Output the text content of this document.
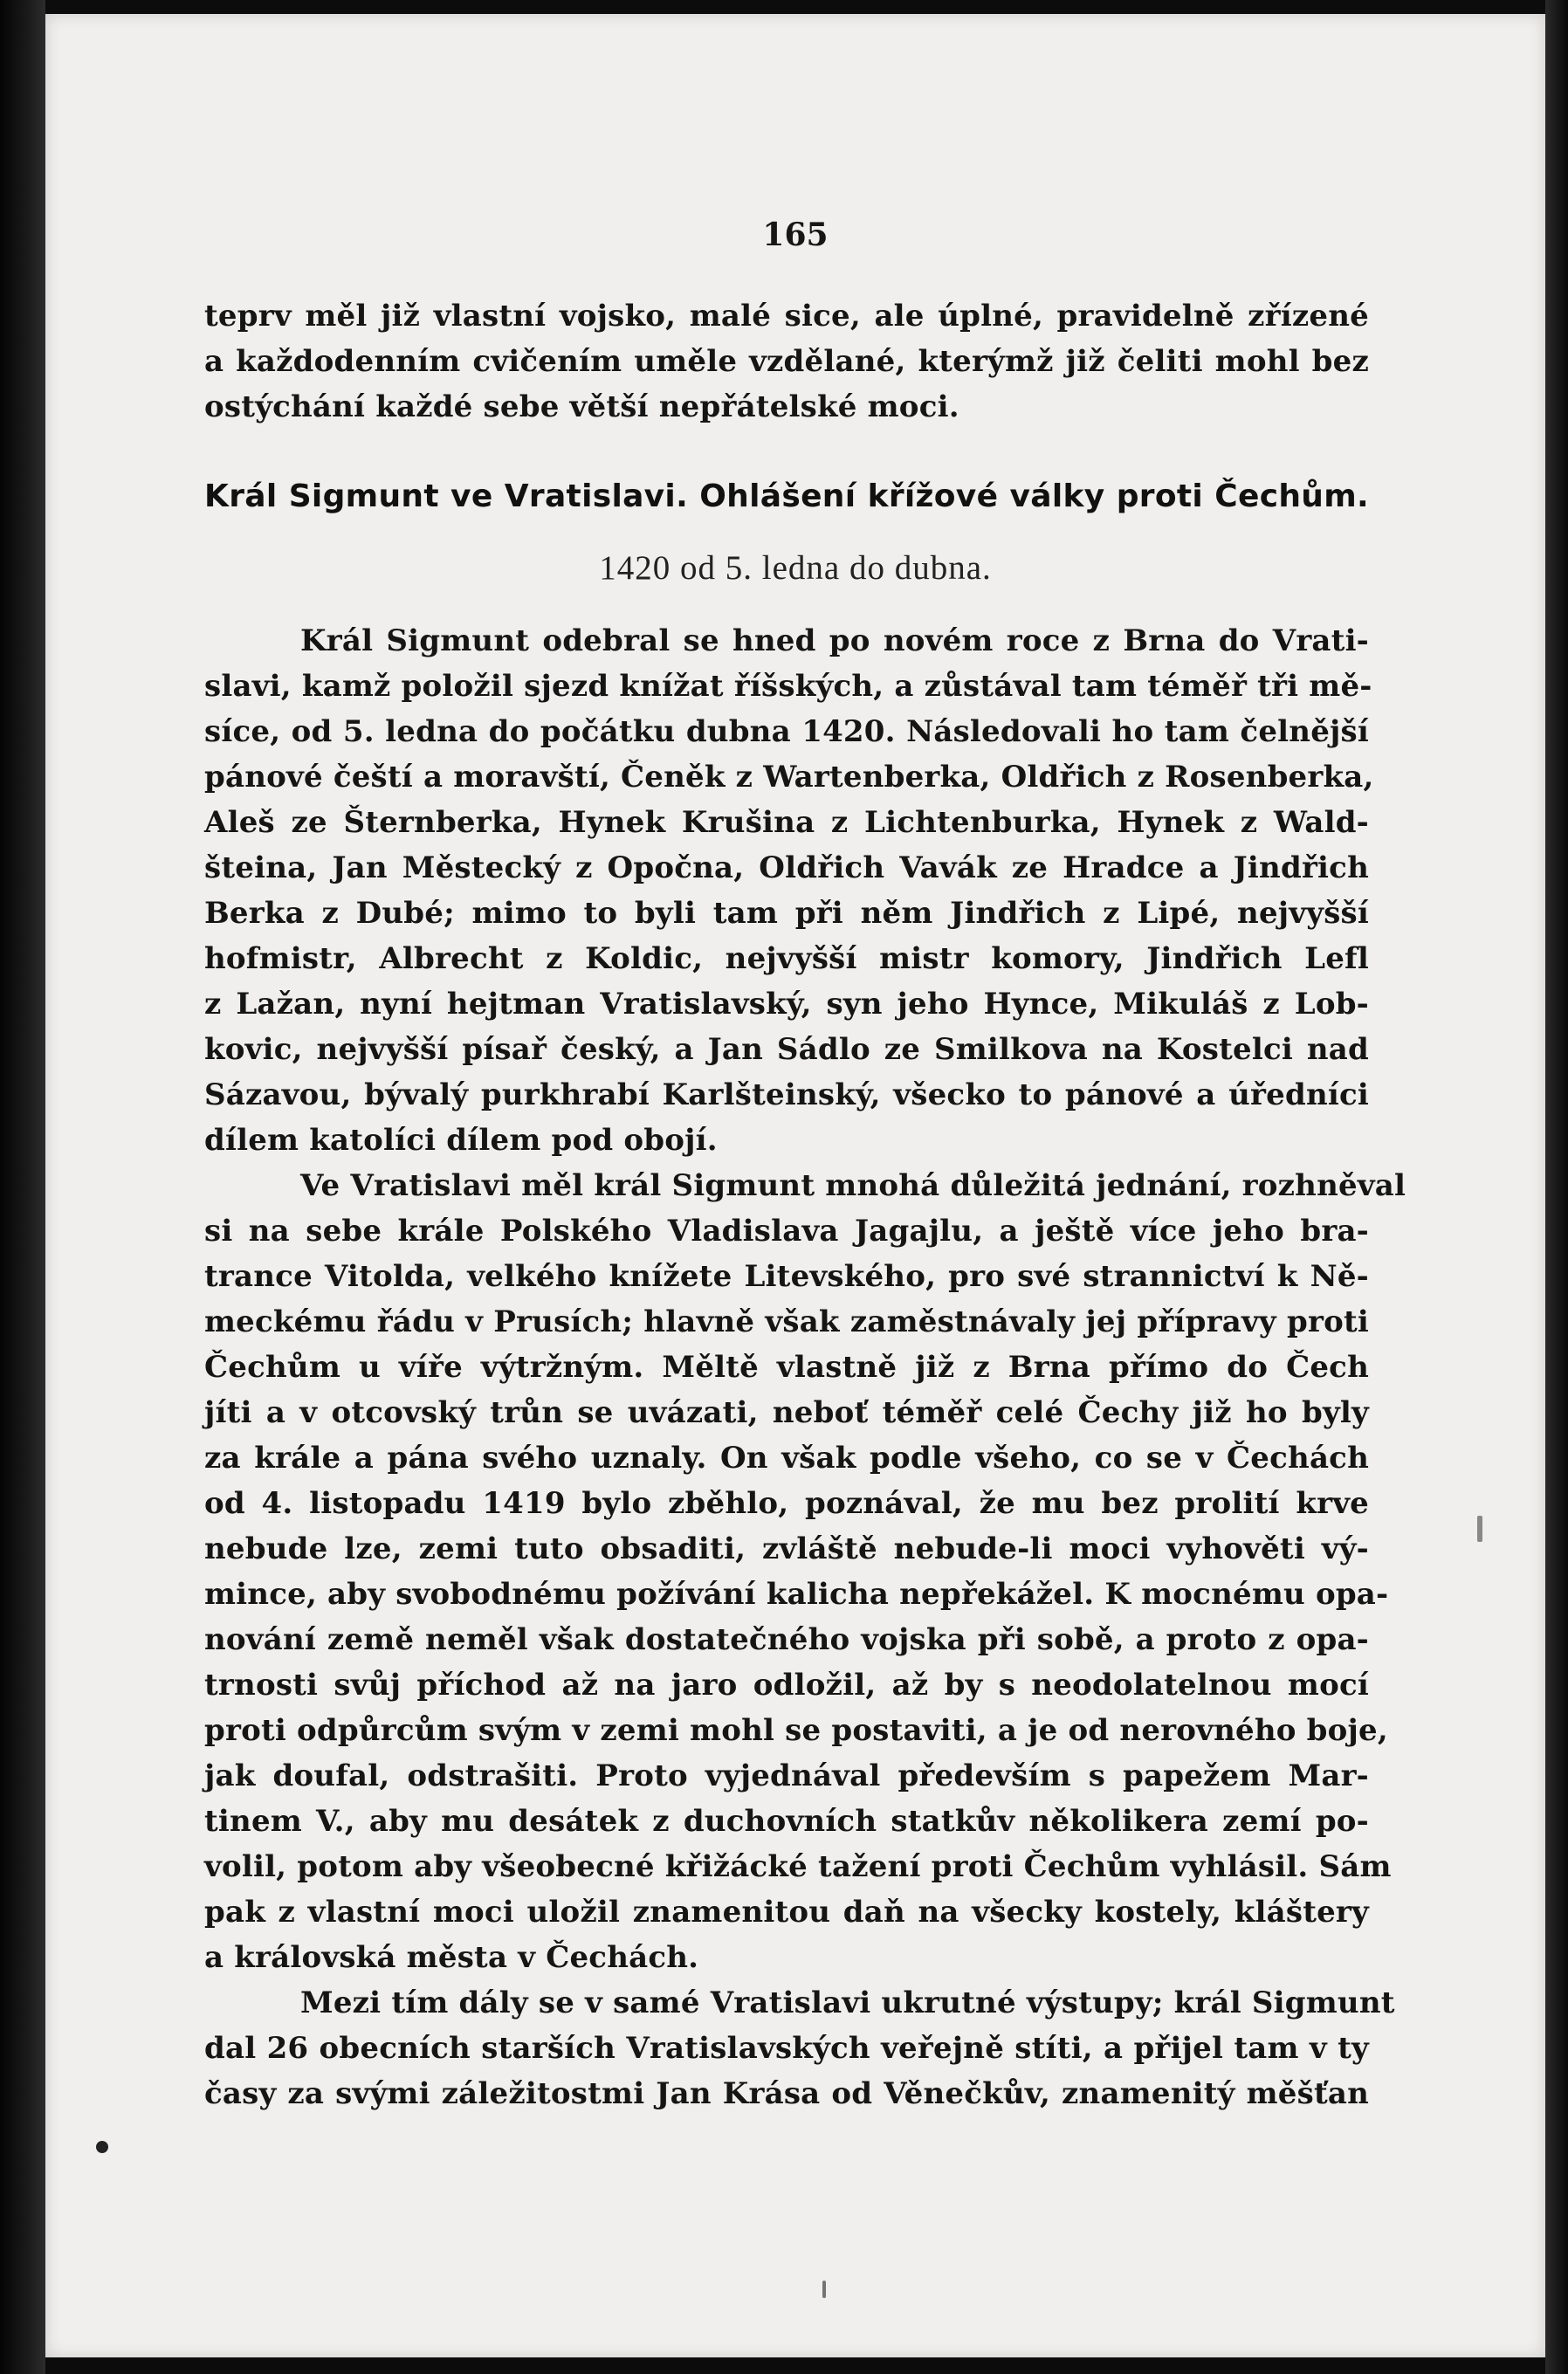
165
teprv měl již vlastní vojsko, malé sice, ale úplné, pravidelně zřízené
a každodenním cvičením uměle vzdělané, kterýmž již čeliti mohl bez
ostýchání každé sebe větší nepřátelské moci.
Král Sigmunt ve Vratislavi. Ohlášení křížové války proti Čechům.
1420 od 5. ledna do dubna.
Král Sigmunt odebral se hned po novém roce z Brna do Vrati-
slavi, kamž položil sjezd knížat říšských, a zůstával tam téměř tři mě-
síce, od 5. ledna do počátku dubna 1420. Následovali ho tam čelnější
pánové čeští a moravští, Čeněk z Wartenberka, Oldřich z Rosenberka,
Aleš ze Šternberka, Hynek Krušina z Lichtenburka, Hynek z Wald-
šteina, Jan Městecký z Opočna, Oldřich Vavák ze Hradce a Jindřich
Berka z Dubé; mimo to byli tam při něm Jindřich z Lipé, nejvyšší
hofmistr, Albrecht z Koldic, nejvyšší mistr komory, Jindřich Lefl
z Lažan, nyní hejtman Vratislavský, syn jeho Hynce, Mikuláš z Lob-
kovic, nejvyšší písař český, a Jan Sádlo ze Smilkova na Kostelci nad
Sázavou, bývalý purkhrabí Karlšteinský, všecko to pánové a úředníci
dílem katolíci dílem pod obojí.
Ve Vratislavi měl král Sigmunt mnohá důležitá jednání, rozhněval
si na sebe krále Polského Vladislava Jagajlu, a ještě více jeho bra-
trance Vitolda, velkého knížete Litevského, pro své strannictví k Ně-
meckému řádu v Prusích; hlavně však zaměstnávaly jej přípravy proti
Čechům u víře výtržným. Měltě vlastně již z Brna přímo do Čech
jíti a v otcovský trůn se uvázati, neboť téměř celé Čechy již ho byly
za krále a pána svého uznaly. On však podle všeho, co se v Čechách
od 4. listopadu 1419 bylo zběhlo, poznával, že mu bez prolití krve
nebude lze, zemi tuto obsaditi, zvláště nebude-li moci vyhověti vý-
mince, aby svobodnému požívání kalicha nepřekážel. K mocnému opa-
nování země neměl však dostatečného vojska při sobě, a proto z opa-
trnosti svůj příchod až na jaro odložil, až by s neodolatelnou mocí
proti odpůrcům svým v zemi mohl se postaviti, a je od nerovného boje,
jak doufal, odstrašiti. Proto vyjednával především s papežem Mar-
tinem V., aby mu desátek z duchovních statkův několikera zemí po-
volil, potom aby všeobecné křižácké tažení proti Čechům vyhlásil. Sám
pak z vlastní moci uložil znamenitou daň na všecky kostely, kláštery
a královská města v Čechách.
Mezi tím dály se v samé Vratislavi ukrutné výstupy; král Sigmunt
dal 26 obecních starších Vratislavských veřejně stíti, a přijel tam v ty
časy za svými záležitostmi Jan Krása od Věnečkův, znamenitý měšťan
